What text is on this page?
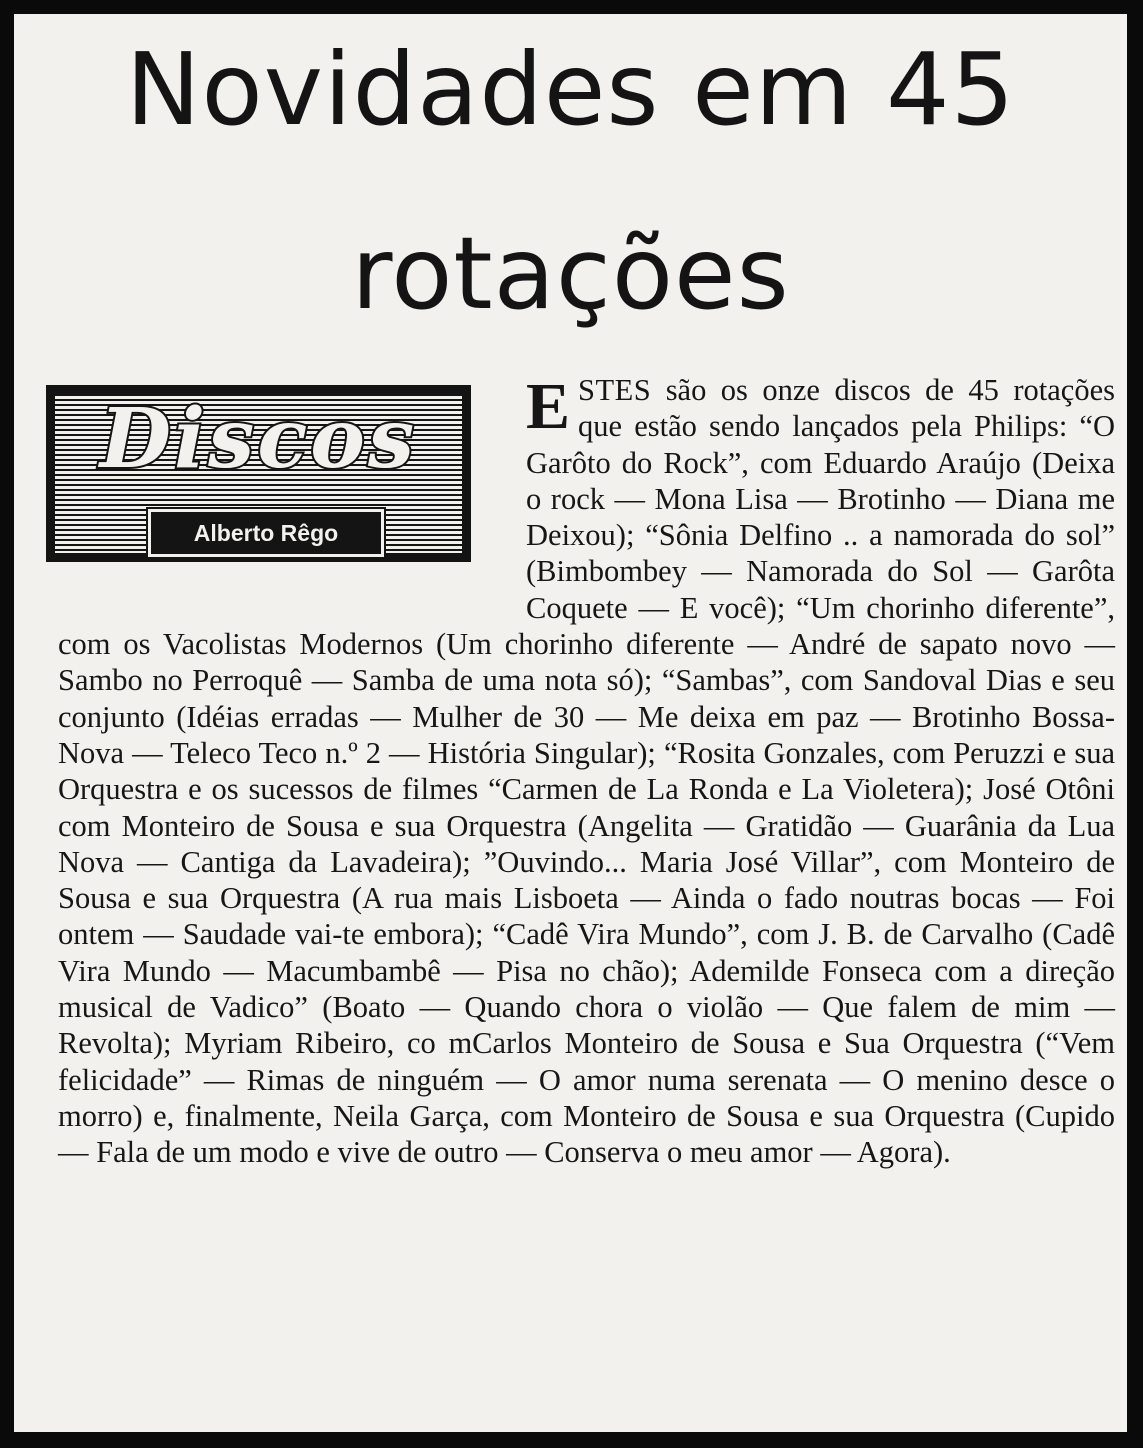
Novidades em 45
rotações
Discos
Alberto Rêgo

ESTES são os onze discos de 45 rotações que estão sendo lançados pela Philips: “O Garôto do Rock”, com Eduardo Araújo (Deixa o rock — Mona Lisa — Brotinho — Diana me Deixou); “Sônia Delfino .. a namorada do sol” (Bimbombey — Namorada do Sol — Garôta Coquete — E você); “Um chorinho diferente”, com os Vacolistas Modernos (Um chorinho diferente — André de sapato novo — Sambo no Perroquê — Samba de uma nota só); “Sambas”, com Sandoval Dias e seu conjunto (Idéias erradas — Mulher de 30 — Me deixa em paz — Brotinho Bossa-Nova — Teleco Teco n.º 2 — História Singular); “Rosita Gonzales, com Peruzzi e sua Orquestra e os sucessos de filmes “Carmen de La Ronda e La Violetera); José Otôni com Monteiro de Sousa e sua Orquestra (Angelita — Gratidão — Guarânia da Lua Nova — Cantiga da Lavadeira); ”Ouvindo... Maria José Villar”, com Monteiro de Sousa e sua Orquestra (A rua mais Lisboeta — Ainda o fado noutras bocas — Foi ontem — Saudade vai-te embora); “Cadê Vira Mundo”, com J. B. de Carvalho (Cadê Vira Mundo — Macumbambê — Pisa no chão); Ademilde Fonseca com a direção musical de Vadico” (Boato — Quando chora o violão — Que falem de mim — Revolta); Myriam Ribeiro, co mCarlos Monteiro de Sousa e Sua Orquestra (“Vem felicidade” — Rimas de ninguém — O amor numa serenata — O menino desce o morro) e, finalmente, Neila Garça, com Monteiro de Sousa e sua Orquestra (Cupido — Fala de um modo e vive de outro — Conserva o meu amor — Agora).
